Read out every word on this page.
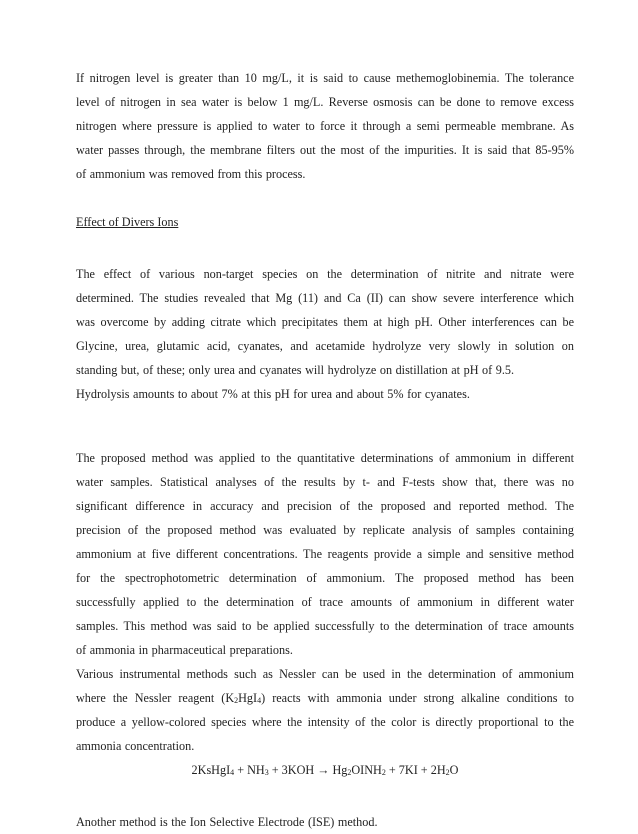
If nitrogen level is greater than 10 mg/L, it is said to cause methemoglobinemia. The tolerance
level of nitrogen in sea water is below 1 mg/L. Reverse osmosis can be done to remove excess
nitrogen where pressure is applied to water to force it through a semi permeable membrane. As
water passes through, the membrane filters out the most of the impurities. It is said that 85-95%
of ammonium was removed from this process.
Effect of Divers Ions
The effect of various non-target species on the determination of nitrite and nitrate were
determined. The studies revealed that Mg (11) and Ca (II) can show severe interference which
was overcome by adding citrate which precipitates them at high pH. Other interferences can be
Glycine, urea, glutamic acid, cyanates, and acetamide hydrolyze very slowly in solution on
standing but, of these; only urea and cyanates will hydrolyze on distillation at pH of 9.5.
Hydrolysis amounts to about 7% at this pH for urea and about 5% for cyanates.
The proposed method was applied to the quantitative determinations of ammonium in different
water samples. Statistical analyses of the results by t- and F-tests show that, there was no
significant difference in accuracy and precision of the proposed and reported method. The
precision of the proposed method was evaluated by replicate analysis of samples containing
ammonium at five different concentrations. The reagents provide a simple and sensitive method
for the spectrophotometric determination of ammonium. The proposed method has been
successfully applied to the determination of trace amounts of ammonium in different water
samples. This method was said to be applied successfully to the determination of trace amounts
of ammonia in pharmaceutical preparations.
Various instrumental methods such as Nessler can be used in the determination of ammonium
where the Nessler reagent $(K_2HgI_4)$ reacts with ammonia under strong alkaline conditions to
produce a yellow-colored species where the intensity of the color is directly proportional to the
ammonia concentration.
2KsHgI$_4$ + $NH_3 + 3KOH$ → $Hg_2OINH_2 + 7KI + 2H_2O$
Another method is the Ion Selective Electrode (ISE) method.
